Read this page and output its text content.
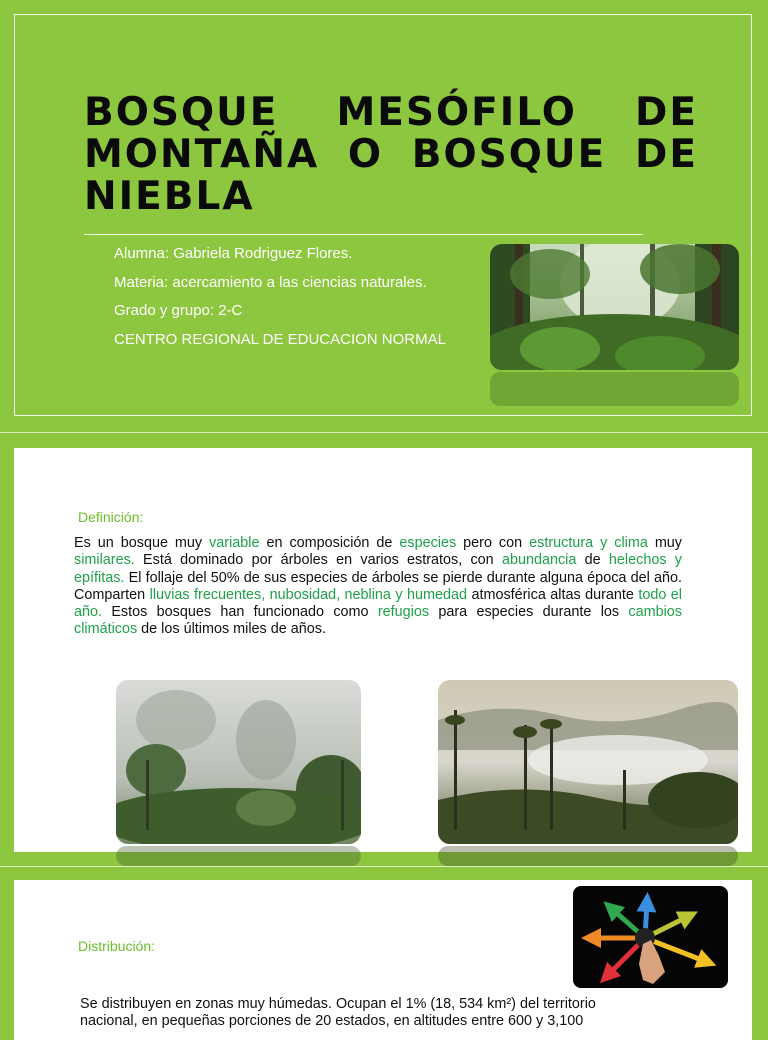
BOSQUE MESÓFILO DE MONTAÑA O BOSQUE DE NIEBLA
Alumna: Gabriela Rodriguez Flores.
Materia: acercamiento a las ciencias naturales.
Grado y grupo: 2-C
CENTRO REGIONAL DE EDUCACION NORMAL
Definición:

Es un bosque muy variable en composición de especies pero con estructura y clima muy similares. Está dominado por árboles en varios estratos, con abundancia de helechos y epífitas. El follaje del 50% de sus especies de árboles se pierde durante alguna época del año. Comparten lluvias frecuentes, nubosidad, neblina y humedad atmosférica altas durante todo el año. Estos bosques han funcionado como refugios para especies durante los cambios climáticos de los últimos miles de años.

Distribución:

Se distribuyen en zonas muy húmedas. Ocupan el 1% (18, 534 km²) del territorio
nacional, en pequeñas porciones de 20 estados, en altitudes entre 600 y 3,100
